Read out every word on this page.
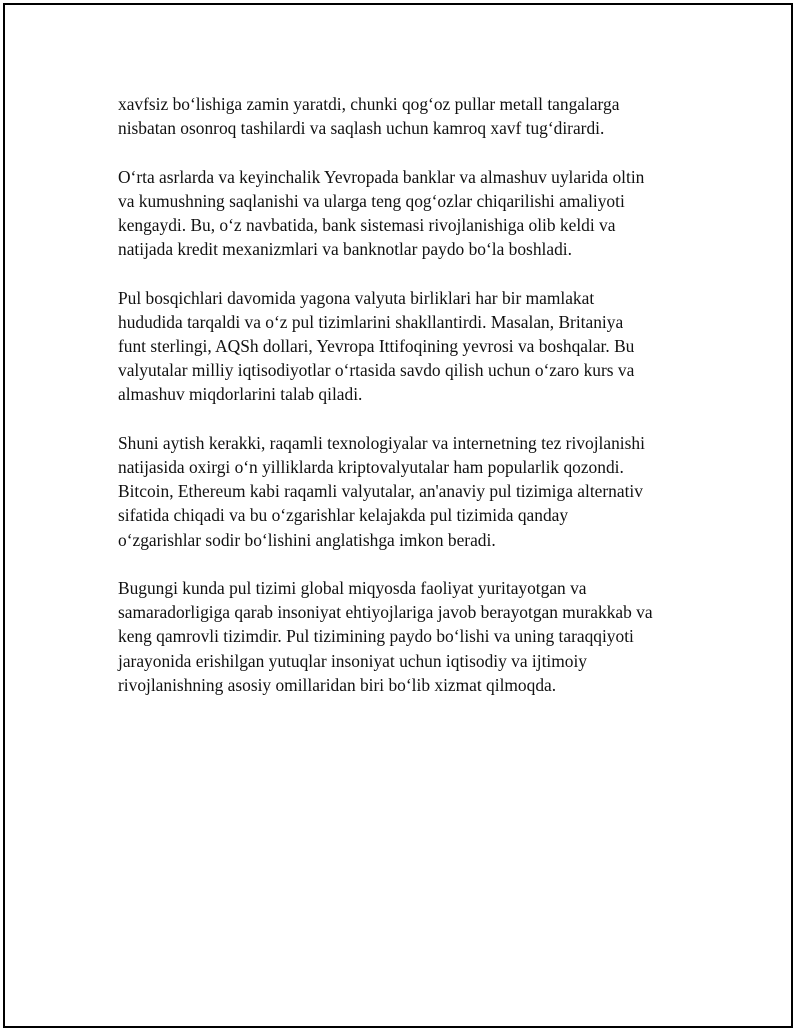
xavfsiz bo‘lishiga zamin yaratdi, chunki qog‘oz pullar metall tangalarga
nisbatan osonroq tashilardi va saqlash uchun kamroq xavf tug‘dirardi.

O‘rta asrlarda va keyinchalik Yevropada banklar va almashuv uylarida oltin
va kumushning saqlanishi va ularga teng qog‘ozlar chiqarilishi amaliyoti
kengaydi. Bu, o‘z navbatida, bank sistemasi rivojlanishiga olib keldi va
natijada kredit mexanizmlari va banknotlar paydo bo‘la boshladi.

Pul bosqichlari davomida yagona valyuta birliklari har bir mamlakat
hududida tarqaldi va o‘z pul tizimlarini shakllantirdi. Masalan, Britaniya
funt sterlingi, AQSh dollari, Yevropa Ittifoqining yevrosi va boshqalar. Bu
valyutalar milliy iqtisodiyotlar o‘rtasida savdo qilish uchun o‘zaro kurs va
almashuv miqdorlarini talab qiladi.

Shuni aytish kerakki, raqamli texnologiyalar va internetning tez rivojlanishi
natijasida oxirgi o‘n yilliklarda kriptovalyutalar ham popularlik qozondi.
Bitcoin, Ethereum kabi raqamli valyutalar, an'anaviy pul tizimiga alternativ
sifatida chiqadi va bu o‘zgarishlar kelajakda pul tizimida qanday
o‘zgarishlar sodir bo‘lishini anglatishga imkon beradi.

Bugungi kunda pul tizimi global miqyosda faoliyat yuritayotgan va
samaradorligiga qarab insoniyat ehtiyojlariga javob berayotgan murakkab va
keng qamrovli tizimdir. Pul tizimining paydo bo‘lishi va uning taraqqiyoti
jarayonida erishilgan yutuqlar insoniyat uchun iqtisodiy va ijtimoiy
rivojlanishning asosiy omillaridan biri bo‘lib xizmat qilmoqda.
